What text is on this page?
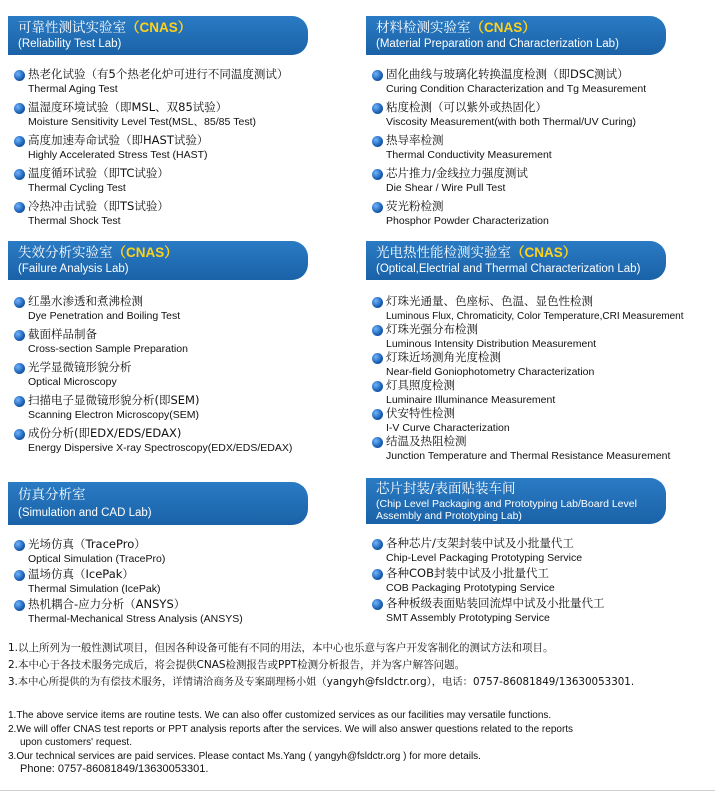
可靠性测试实验室（CNAS）
(Reliability Test Lab)
热老化试验（有5个热老化炉可进行不同温度测试）
Thermal Aging Test
温湿度环境试验（即MSL、双85试验）
Moisture Sensitivity Level Test(MSL、85/85 Test)
高度加速寿命试验（即HAST试验）
Highly Accelerated Stress Test (HAST)
温度循环试验（即TC试验）
Thermal Cycling Test
冷热冲击试验（即TS试验）
Thermal Shock Test
材料检测实验室（CNAS）
(Material Preparation and Characterization Lab)
固化曲线与玻璃化转换温度检测（即DSC测试）
Curing Condition Characterization and Tg Measurement
粘度检测（可以紫外或热固化）
Viscosity Measurement(with both Thermal/UV Curing)
热导率检测
Thermal Conductivity Measurement
芯片推力/金线拉力强度测试
Die Shear / Wire Pull Test
荧光粉检测
Phosphor Powder Characterization
失效分析实验室（CNAS）
(Failure Analysis Lab)
红墨水渗透和煮沸检测
Dye Penetration and Boiling Test
截面样品制备
Cross-section Sample Preparation
光学显微镜形貌分析
Optical Microscopy
扫描电子显微镜形貌分析(即SEM)
Scanning Electron Microscopy(SEM)
成份分析(即EDX/EDS/EDAX)
Energy Dispersive X-ray Spectroscopy(EDX/EDS/EDAX)
光电热性能检测实验室（CNAS）
(Optical,Electrial and Thermal Characterization Lab)
灯珠光通量、色座标、色温、显色性检测
Luminous Flux, Chromaticity, Color Temperature,CRI Measurement
灯珠光强分布检测
Luminous Intensity Distribution Measurement
灯珠近场测角光度检测
Near-field Goniophotometry Characterization
灯具照度检测
Luminaire Illuminance Measurement
伏安特性检测
I-V Curve Characterization
结温及热阻检测
Junction Temperature and Thermal Resistance Measurement
仿真分析室
(Simulation and CAD Lab)
光场仿真（TracePro）
Optical Simulation (TracePro)
温场仿真（IcePak）
Thermal Simulation (IcePak)
热机耦合-应力分析（ANSYS）
Thermal-Mechanical Stress Analysis (ANSYS)
芯片封装/表面贴装车间
(Chip Level Packaging and Prototyping Lab/Board Level
Assembly and Prototyping Lab)
各种芯片/支架封装中试及小批量代工
Chip-Level Packaging Prototyping Service
各种COB封装中试及小批量代工
COB Packaging Prototyping Service
各种板级表面贴装回流焊中试及小批量代工
SMT Assembly Prototyping Service
1.以上所列为一般性测试项目，但因各种设备可能有不同的用法，本中心也乐意与客户开发客制化的测试方法和项目。
2.本中心于各技术服务完成后，将会提供CNAS检测报告或PPT检测分析报告，并为客户解答问题。
3.本中心所提供的为有偿技术服务，详情请洽商务及专案副理杨小姐（yangyh@fsldctr.org），电话：0757-86081849/13630053301.
1.The above service items are routine tests. We can also offer customized services as our facilities may versatile functions.
2.We will offer CNAS test reports or PPT analysis reports after the services. We will also answer questions related to the reports
upon customers' request.
3.Our technical services are paid services. Please contact Ms.Yang ( yangyh@fsldctr.org ) for more details.
Phone: 0757-86081849/13630053301.
